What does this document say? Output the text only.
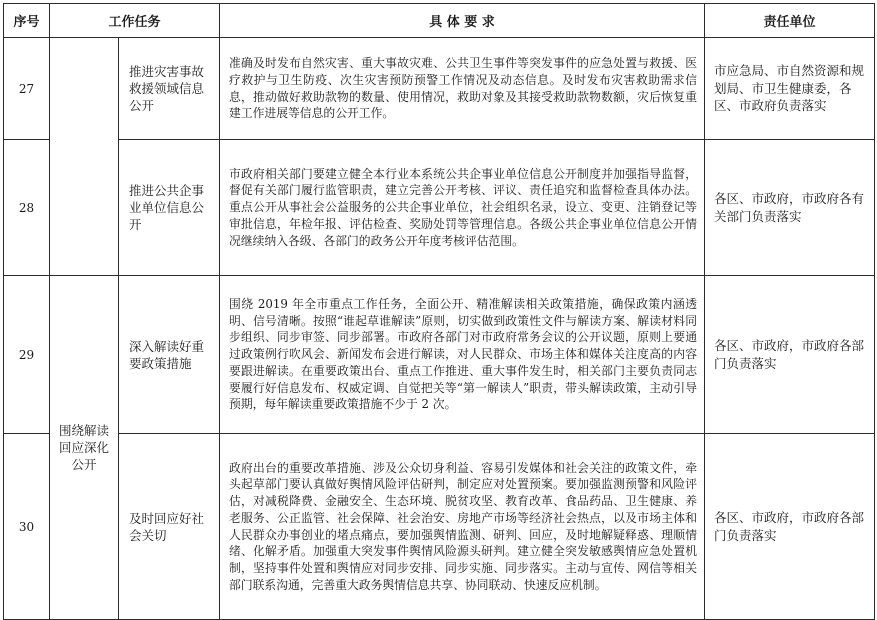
序号	工作任务		具 体 要 求	责任单位
27		推进灾害事故救援领域信息公开	准确及时发布自然灾害、重大事故灾难、公共卫生事件等突发事件的应急处置与救援、医疗救护与卫生防疫、次生灾害预防预警工作情况及动态信息。及时发布灾害救助需求信息，推动做好救助款物的数量、使用情况，救助对象及其接受救助款物数额，灾后恢复重建工作进展等信息的公开工作。	市应急局、市自然资源和规划局、市卫生健康委，各区、市政府负责落实
28		推进公共企事业单位信息公开	市政府相关部门要建立健全本行业本系统公共企事业单位信息公开制度并加强指导监督，督促有关部门履行监管职责，建立完善公开考核、评议、责任追究和监督检查具体办法。重点公开从事社会公益服务的公共企事业单位，社会组织名录，设立、变更、注销登记等审批信息，年检年报、评估检查、奖励处罚等管理信息。各级公共企事业单位信息公开情况继续纳入各级、各部门的政务公开年度考核评估范围。	各区、市政府，市政府各有关部门负责落实
29	围绕解读回应深化公开	深入解读好重要政策措施	围绕 2019 年全市重点工作任务，全面公开、精准解读相关政策措施，确保政策内涵透明、信号清晰。按照“谁起草谁解读”原则，切实做到政策性文件与解读方案、解读材料同步组织、同步审签、同步部署。市政府各部门对市政府常务会议的公开议题，原则上要通过政策例行吹风会、新闻发布会进行解读，对人民群众、市场主体和媒体关注度高的内容要跟进解读。在重要政策出台、重点工作推进、重大事件发生时，相关部门主要负责同志要履行好信息发布、权威定调、自觉把关等“第一解读人”职责，带头解读政策，主动引导预期，每年解读重要政策措施不少于 2 次。	各区、市政府，市政府各部门负责落实
30		及时回应好社会关切	政府出台的重要改革措施、涉及公众切身利益、容易引发媒体和社会关注的政策文件，牵头起草部门要认真做好舆情风险评估研判，制定应对处置预案。要加强监测预警和风险评估，对减税降费、金融安全、生态环境、脱贫攻坚、教育改革、食品药品、卫生健康、养老服务、公正监管、社会保障、社会治安、房地产市场等经济社会热点，以及市场主体和人民群众办事创业的堵点痛点，要加强舆情监测、研判、回应，及时地解疑释惑、理顺情绪、化解矛盾。加强重大突发事件舆情风险源头研判。建立健全突发敏感舆情应急处置机制，坚持事件处置和舆情应对同步安排、同步实施、同步落实。主动与宣传、网信等相关部门联系沟通，完善重大政务舆情信息共享、协同联动、快速反应机制。	各区、市政府，市政府各部门负责落实
